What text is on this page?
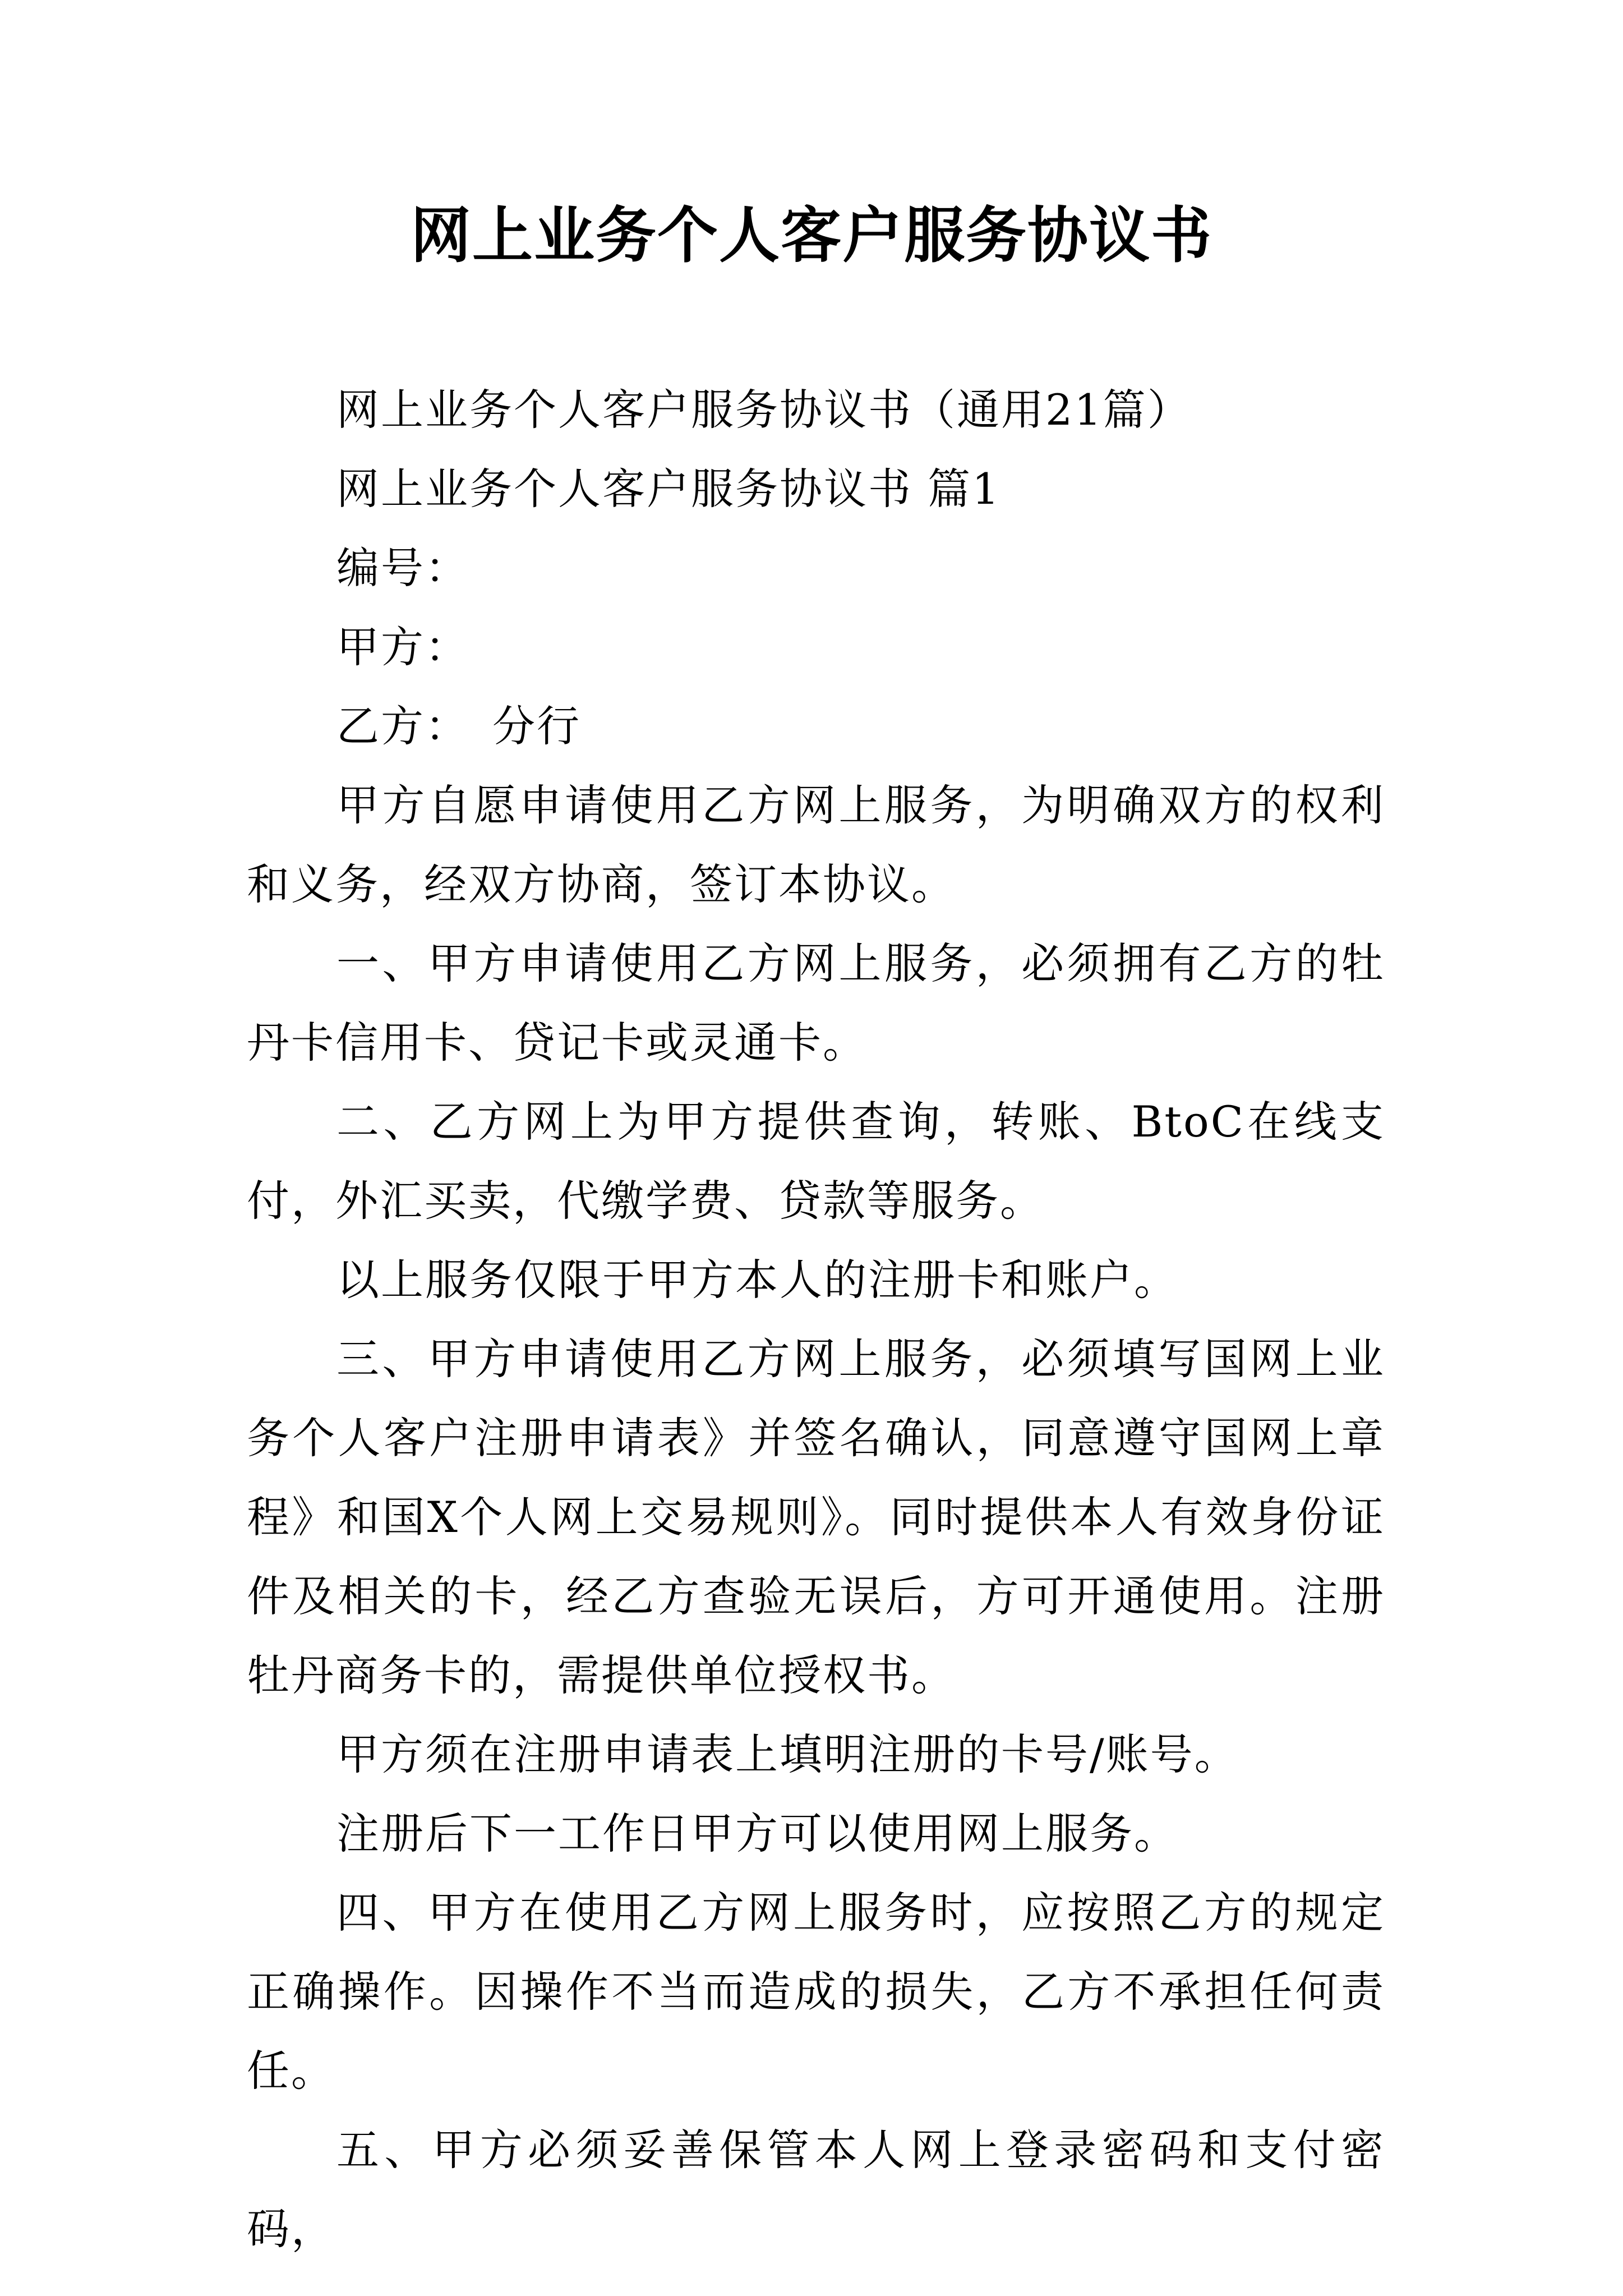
网上业务个人客户服务协议书

网上业务个人客户服务协议书（通用21篇）

网上业务个人客户服务协议书 篇1

编号：

甲方：

乙方：　分行

甲方自愿申请使用乙方网上服务，为明确双方的权利和义务，经双方协商，签订本协议。

一、甲方申请使用乙方网上服务，必须拥有乙方的牡丹卡信用卡、贷记卡或灵通卡。

二、乙方网上为甲方提供查询，转账、BtoC在线支付，外汇买卖，代缴学费、贷款等服务。

以上服务仅限于甲方本人的注册卡和账户。

三、甲方申请使用乙方网上服务，必须填写国网上业务个人客户注册申请表》并签名确认，同意遵守国网上章程》和国X个人网上交易规则》。同时提供本人有效身份证件及相关的卡，经乙方查验无误后，方可开通使用。注册牡丹商务卡的，需提供单位授权书。

甲方须在注册申请表上填明注册的卡号/账号。

注册后下一工作日甲方可以使用网上服务。

四、甲方在使用乙方网上服务时，应按照乙方的规定正确操作。因操作不当而造成的损失，乙方不承担任何责任。

五、甲方必须妥善保管本人网上登录密码和支付密码，
